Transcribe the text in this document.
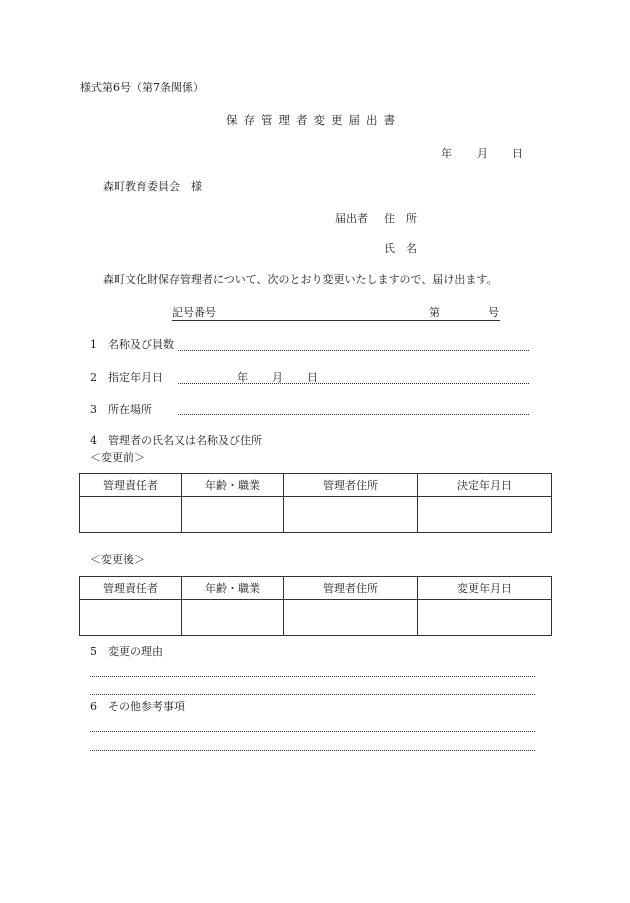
様式第6号（第7条関係）
保存管理者変更届出書
年 月 日
森町教育委員会　様
届出者 住　所
氏　名
森町文化財保存管理者について、次のとおり変更いたしますので、届け出ます。
記号番号	第	号
1 名称及び員数
2 指定年月日	年 月 日
3 所在場所
4 管理者の氏名又は名称及び住所
＜変更前＞
管理責任者	年齢・職業	管理者住所	決定年月日

＜変更後＞
管理責任者	年齢・職業	管理者住所	変更年月日

5 変更の理由
6 その他参考事項
